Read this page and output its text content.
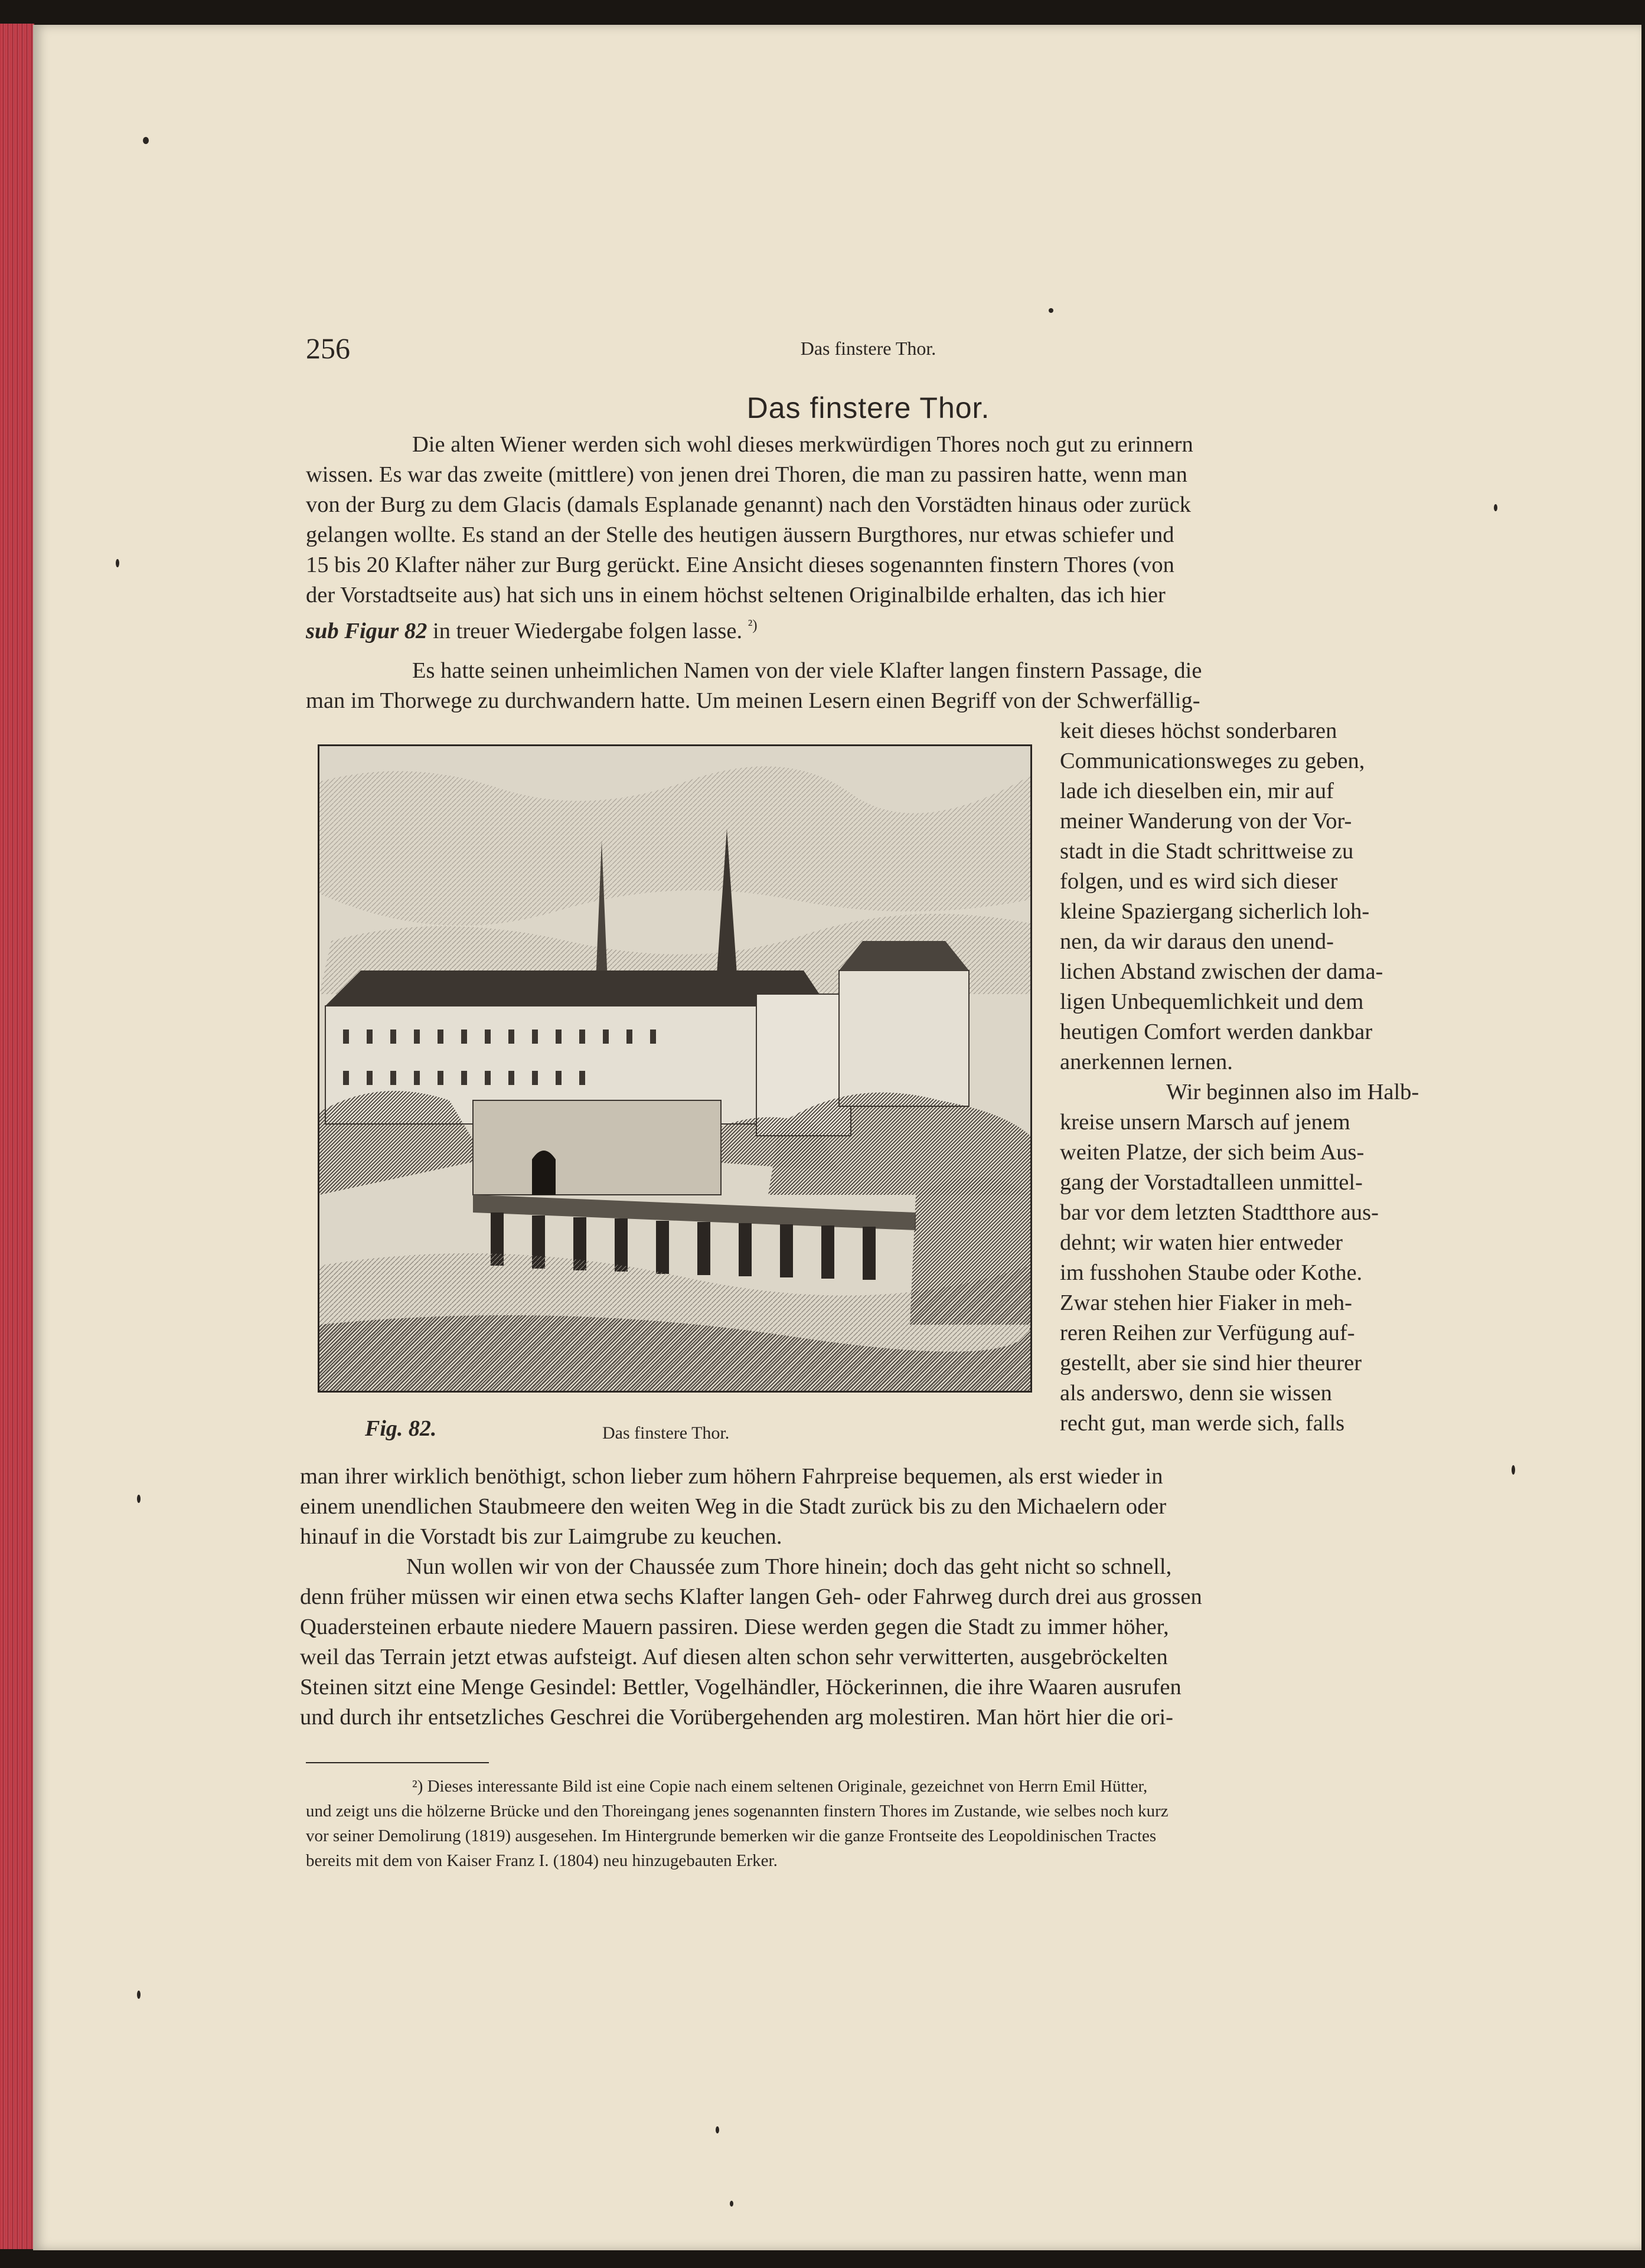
256	Das finstere Thor.
Das finstere Thor.

Die alten Wiener werden sich wohl dieses merkwürdigen Thores noch gut zu erinnern

wissen. Es war das zweite (mittlere) von jenen drei Thoren, die man zu passiren hatte, wenn man

von der Burg zu dem Glacis (damals Esplanade genannt) nach den Vorstädten hinaus oder zurück

gelangen wollte. Es stand an der Stelle des heutigen äussern Burgthores, nur etwas schiefer und

15 bis 20 Klafter näher zur Burg gerückt. Eine Ansicht dieses sogenannten finstern Thores (von

der Vorstadtseite aus) hat sich uns in einem höchst seltenen Originalbilde erhalten, das ich hier

sub Figur 82 in treuer Wiedergabe folgen lasse. $^{^2)}$

Es hatte seinen unheimlichen Namen von der viele Klafter langen finstern Passage, die

man im Thorwege zu durchwandern hatte. Um meinen Lesern einen Begriff von der Schwerfällig-

Fig. 82.	Das finstere Thor.

keit dieses höchst sonderbaren

Communicationsweges zu geben,

lade ich dieselben ein, mir auf

meiner Wanderung von der Vor-

stadt in die Stadt schrittweise zu

folgen, und es wird sich dieser

kleine Spaziergang sicherlich loh-

nen, da wir daraus den unend-

lichen Abstand zwischen der dama-

ligen Unbequemlichkeit und dem

heutigen Comfort werden dankbar

anerkennen lernen.

Wir beginnen also im Halb-

kreise unsern Marsch auf jenem

weiten Platze, der sich beim Aus-

gang der Vorstadtalleen unmittel-

bar vor dem letzten Stadtthore aus-

dehnt; wir waten hier entweder

im fusshohen Staube oder Kothe.

Zwar stehen hier Fiaker in meh-

reren Reihen zur Verfügung auf-

gestellt, aber sie sind hier theurer

als anderswo, denn sie wissen

recht gut, man werde sich, falls

man ihrer wirklich benöthigt, schon lieber zum höhern Fahrpreise bequemen, als erst wieder in

einem unendlichen Staubmeere den weiten Weg in die Stadt zurück bis zu den Michaelern oder

hinauf in die Vorstadt bis zur Laimgrube zu keuchen.

Nun wollen wir von der Chaussée zum Thore hinein; doch das geht nicht so schnell,

denn früher müssen wir einen etwa sechs Klafter langen Geh- oder Fahrweg durch drei aus grossen

Quadersteinen erbaute niedere Mauern passiren. Diese werden gegen die Stadt zu immer höher,

weil das Terrain jetzt etwas aufsteigt. Auf diesen alten schon sehr verwitterten, ausgebröckelten

Steinen sitzt eine Menge Gesindel: Bettler, Vogelhändler, Höckerinnen, die ihre Waaren ausrufen

und durch ihr entsetzliches Geschrei die Vorübergehenden arg molestiren. Man hört hier die ori-

²) Dieses interessante Bild ist eine Copie nach einem seltenen Originale, gezeichnet von Herrn Emil Hütter,
und zeigt uns die hölzerne Brücke und den Thoreingang jenes sogenannten finstern Thores im Zustande, wie selbes noch kurz
vor seiner Demolirung (1819) ausgesehen. Im Hintergrunde bemerken wir die ganze Frontseite des Leopoldinischen Tractes
bereits mit dem von Kaiser Franz I. (1804) neu hinzugebauten Erker.
